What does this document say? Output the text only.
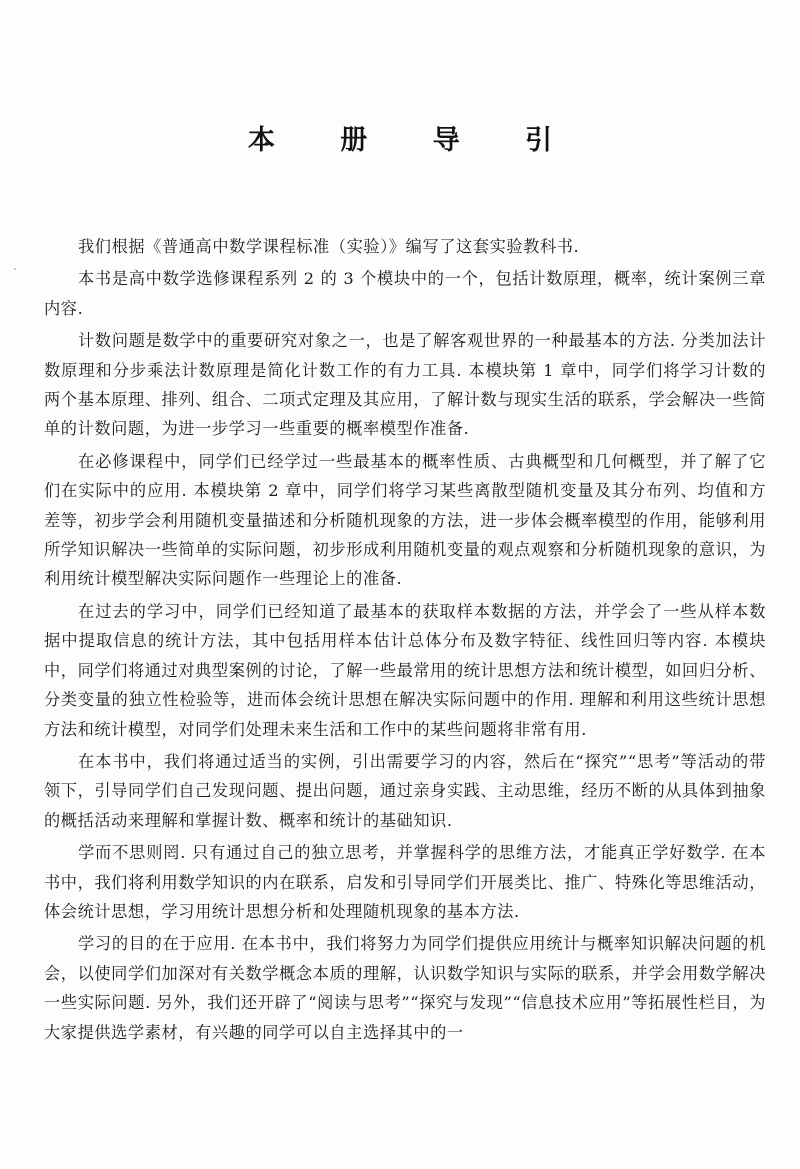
本 册 导 引

我们根据《普通高中数学课程标准（实验）》编写了这套实验教科书.

本书是高中数学选修课程系列 2 的 3 个模块中的一个，包括计数原理，概率，统计案例三章内容.

计数问题是数学中的重要研究对象之一，也是了解客观世界的一种最基本的方法. 分类加法计数原理和分步乘法计数原理是简化计数工作的有力工具. 本模块第 1 章中，同学们将学习计数的两个基本原理、排列、组合、二项式定理及其应用，了解计数与现实生活的联系，学会解决一些简单的计数问题，为进一步学习一些重要的概率模型作准备.

在必修课程中，同学们已经学过一些最基本的概率性质、古典概型和几何概型，并了解了它们在实际中的应用. 本模块第 2 章中，同学们将学习某些离散型随机变量及其分布列、均值和方差等，初步学会利用随机变量描述和分析随机现象的方法，进一步体会概率模型的作用，能够利用所学知识解决一些简单的实际问题，初步形成利用随机变量的观点观察和分析随机现象的意识，为利用统计模型解决实际问题作一些理论上的准备.

在过去的学习中，同学们已经知道了最基本的获取样本数据的方法，并学会了一些从样本数据中提取信息的统计方法，其中包括用样本估计总体分布及数字特征、线性回归等内容. 本模块中，同学们将通过对典型案例的讨论，了解一些最常用的统计思想方法和统计模型，如回归分析、分类变量的独立性检验等，进而体会统计思想在解决实际问题中的作用. 理解和利用这些统计思想方法和统计模型，对同学们处理未来生活和工作中的某些问题将非常有用.

在本书中，我们将通过适当的实例，引出需要学习的内容，然后在“探究”“思考”等活动的带领下，引导同学们自己发现问题、提出问题，通过亲身实践、主动思维，经历不断的从具体到抽象的概括活动来理解和掌握计数、概率和统计的基础知识.

学而不思则罔. 只有通过自己的独立思考，并掌握科学的思维方法，才能真正学好数学. 在本书中，我们将利用数学知识的内在联系，启发和引导同学们开展类比、推广、特殊化等思维活动，体会统计思想，学习用统计思想分析和处理随机现象的基本方法.

学习的目的在于应用. 在本书中，我们将努力为同学们提供应用统计与概率知识解决问题的机会，以使同学们加深对有关数学概念本质的理解，认识数学知识与实际的联系，并学会用数学解决一些实际问题. 另外，我们还开辟了“阅读与思考”“探究与发现”“信息技术应用”等拓展性栏目，为大家提供选学素材，有兴趣的同学可以自主选择其中的一
